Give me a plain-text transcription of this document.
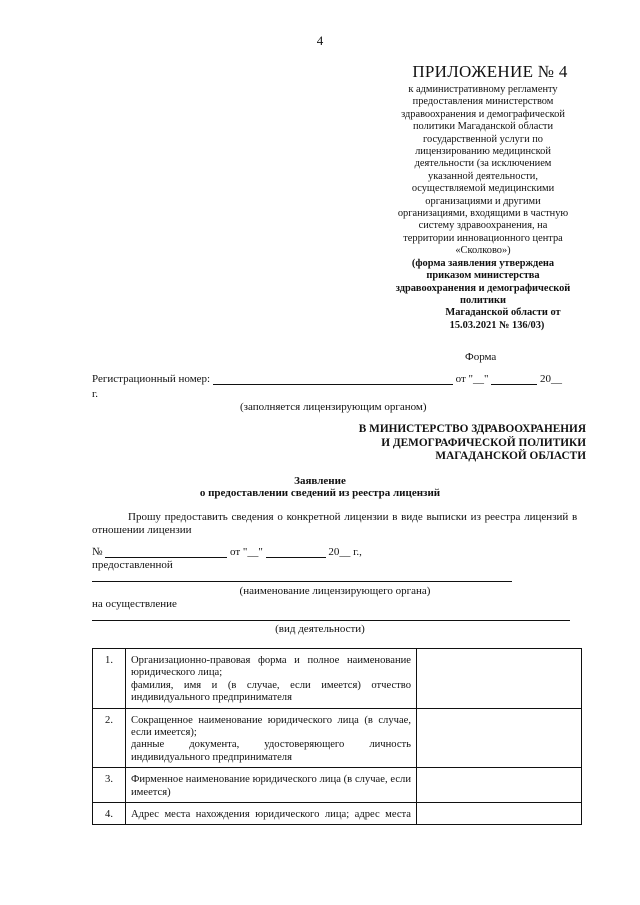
4
ПРИЛОЖЕНИЕ № 4
к административному регламенту
предоставления министерством
здравоохранения и демографической
политики Магаданской области
государственной услуги по
лицензированию медицинской
деятельности (за исключением
указанной деятельности,
осуществляемой медицинскими
организациями и другими
организациями, входящими в частную
систему здравоохранения, на
территории инновационного центра
«Сколково»)
(форма заявления утверждена
приказом министерства
здравоохранения и демографической
политики
Магаданской области от
15.03.2021 № 136/03)
Форма
Регистрационный номер:	от "__"	20__
г.
(заполняется лицензирующим органом)
В МИНИСТЕРСТВО ЗДРАВООХРАНЕНИЯ
И ДЕМОГРАФИЧЕСКОЙ ПОЛИТИКИ
МАГАДАНСКОЙ ОБЛАСТИ
Заявление
о предоставлении сведений из реестра лицензий
Прошу предоставить сведения о конкретной лицензии в виде выписки из реестра лицензий в
отношении лицензии
№	от "__"	20__ г.,
предоставленной
(наименование лицензирующего органа)
на осуществление
(вид деятельности)
1.	Организационно-правовая форма и полное наименование
юридического лица;
фамилия, имя и (в случае, если имеется) отчество
индивидуального предпринимателя	

2.	Сокращенное наименование юридического лица (в случае,
если имеется);
данные документа, удостоверяющего личность
индивидуального предпринимателя	

3.	Фирменное наименование юридического лица (в случае, если
имеется)	

4.	Адрес места нахождения юридического лица; адрес места	
